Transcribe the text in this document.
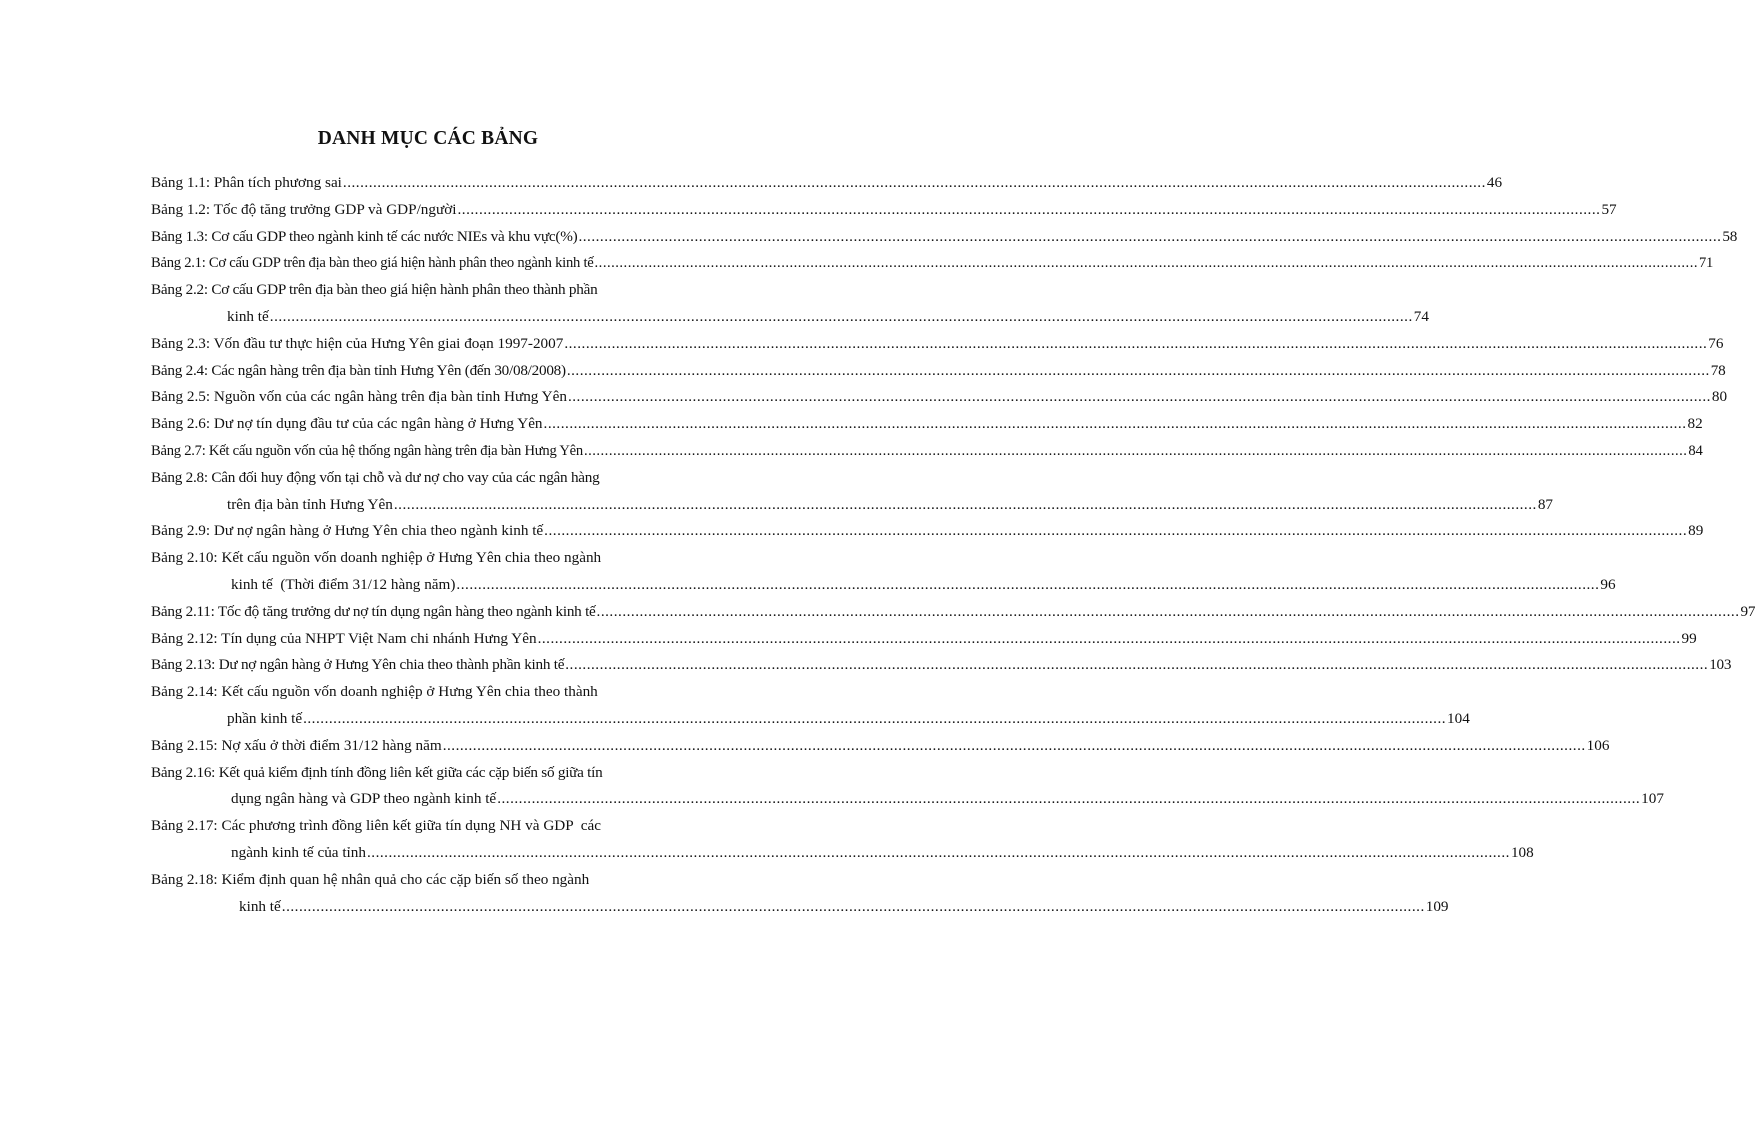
DANH MỤC CÁC BẢNG
Bảng 1.1: Phân tích phương sai .....	46
Bảng 1.2: Tốc độ tăng trưởng GDP và GDP/người .....	57
Bảng 1.3: Cơ cấu GDP theo ngành kinh tế các nước NIEs và khu vực(%) .....	58
Bảng 2.1: Cơ cấu GDP trên địa bàn theo giá hiện hành phân theo ngành kinh tế .....	71
Bảng 2.2: Cơ cấu GDP trên địa bàn theo giá hiện hành phân theo thành phần
kinh tế .....	74
Bảng 2.3: Vốn đầu tư thực hiện của Hưng Yên giai đoạn 1997-2007 .....	76
Bảng 2.4: Các ngân hàng trên địa bàn tỉnh Hưng Yên (đến 30/08/2008) .....	78
Bảng 2.5: Nguồn vốn của các ngân hàng trên địa bàn tỉnh Hưng Yên .....	80
Bảng 2.6: Dư nợ tín dụng đầu tư của các ngân hàng ở Hưng Yên .....	82
Bảng 2.7: Kết cấu nguồn vốn của hệ thống ngân hàng trên địa bàn Hưng Yên .....	84
Bảng 2.8: Cân đối huy động vốn tại chỗ và dư nợ cho vay của các ngân hàng
trên địa bàn tỉnh Hưng Yên .....	87
Bảng 2.9: Dư nợ ngân hàng ở Hưng Yên chia theo ngành kinh tế .....	89
Bảng 2.10: Kết cấu nguồn vốn doanh nghiệp ở Hưng Yên chia theo ngành
kinh tế  (Thời điểm 31/12 hàng năm) .....	96
Bảng 2.11: Tốc độ tăng trưởng dư nợ tín dụng ngân hàng theo ngành kinh tế .....	97
Bảng 2.12: Tín dụng của NHPT Việt Nam chi nhánh Hưng Yên .....	99
Bảng 2.13: Dư nợ ngân hàng ở Hưng Yên chia theo thành phần kinh tế .....	103
Bảng 2.14: Kết cấu nguồn vốn doanh nghiệp ở Hưng Yên chia theo thành
phần kinh tế .....	104
Bảng 2.15: Nợ xấu ở thời điểm 31/12 hàng năm .....	106
Bảng 2.16: Kết quả kiểm định tính đồng liên kết giữa các cặp biến số giữa tín
dụng ngân hàng và GDP theo ngành kinh tế .....	107
Bảng 2.17: Các phương trình đồng liên kết giữa tín dụng NH và GDP  các
ngành kinh tế của tỉnh .....	108
Bảng 2.18: Kiểm định quan hệ nhân quả cho các cặp biến số theo ngành
kinh tế .....	109
